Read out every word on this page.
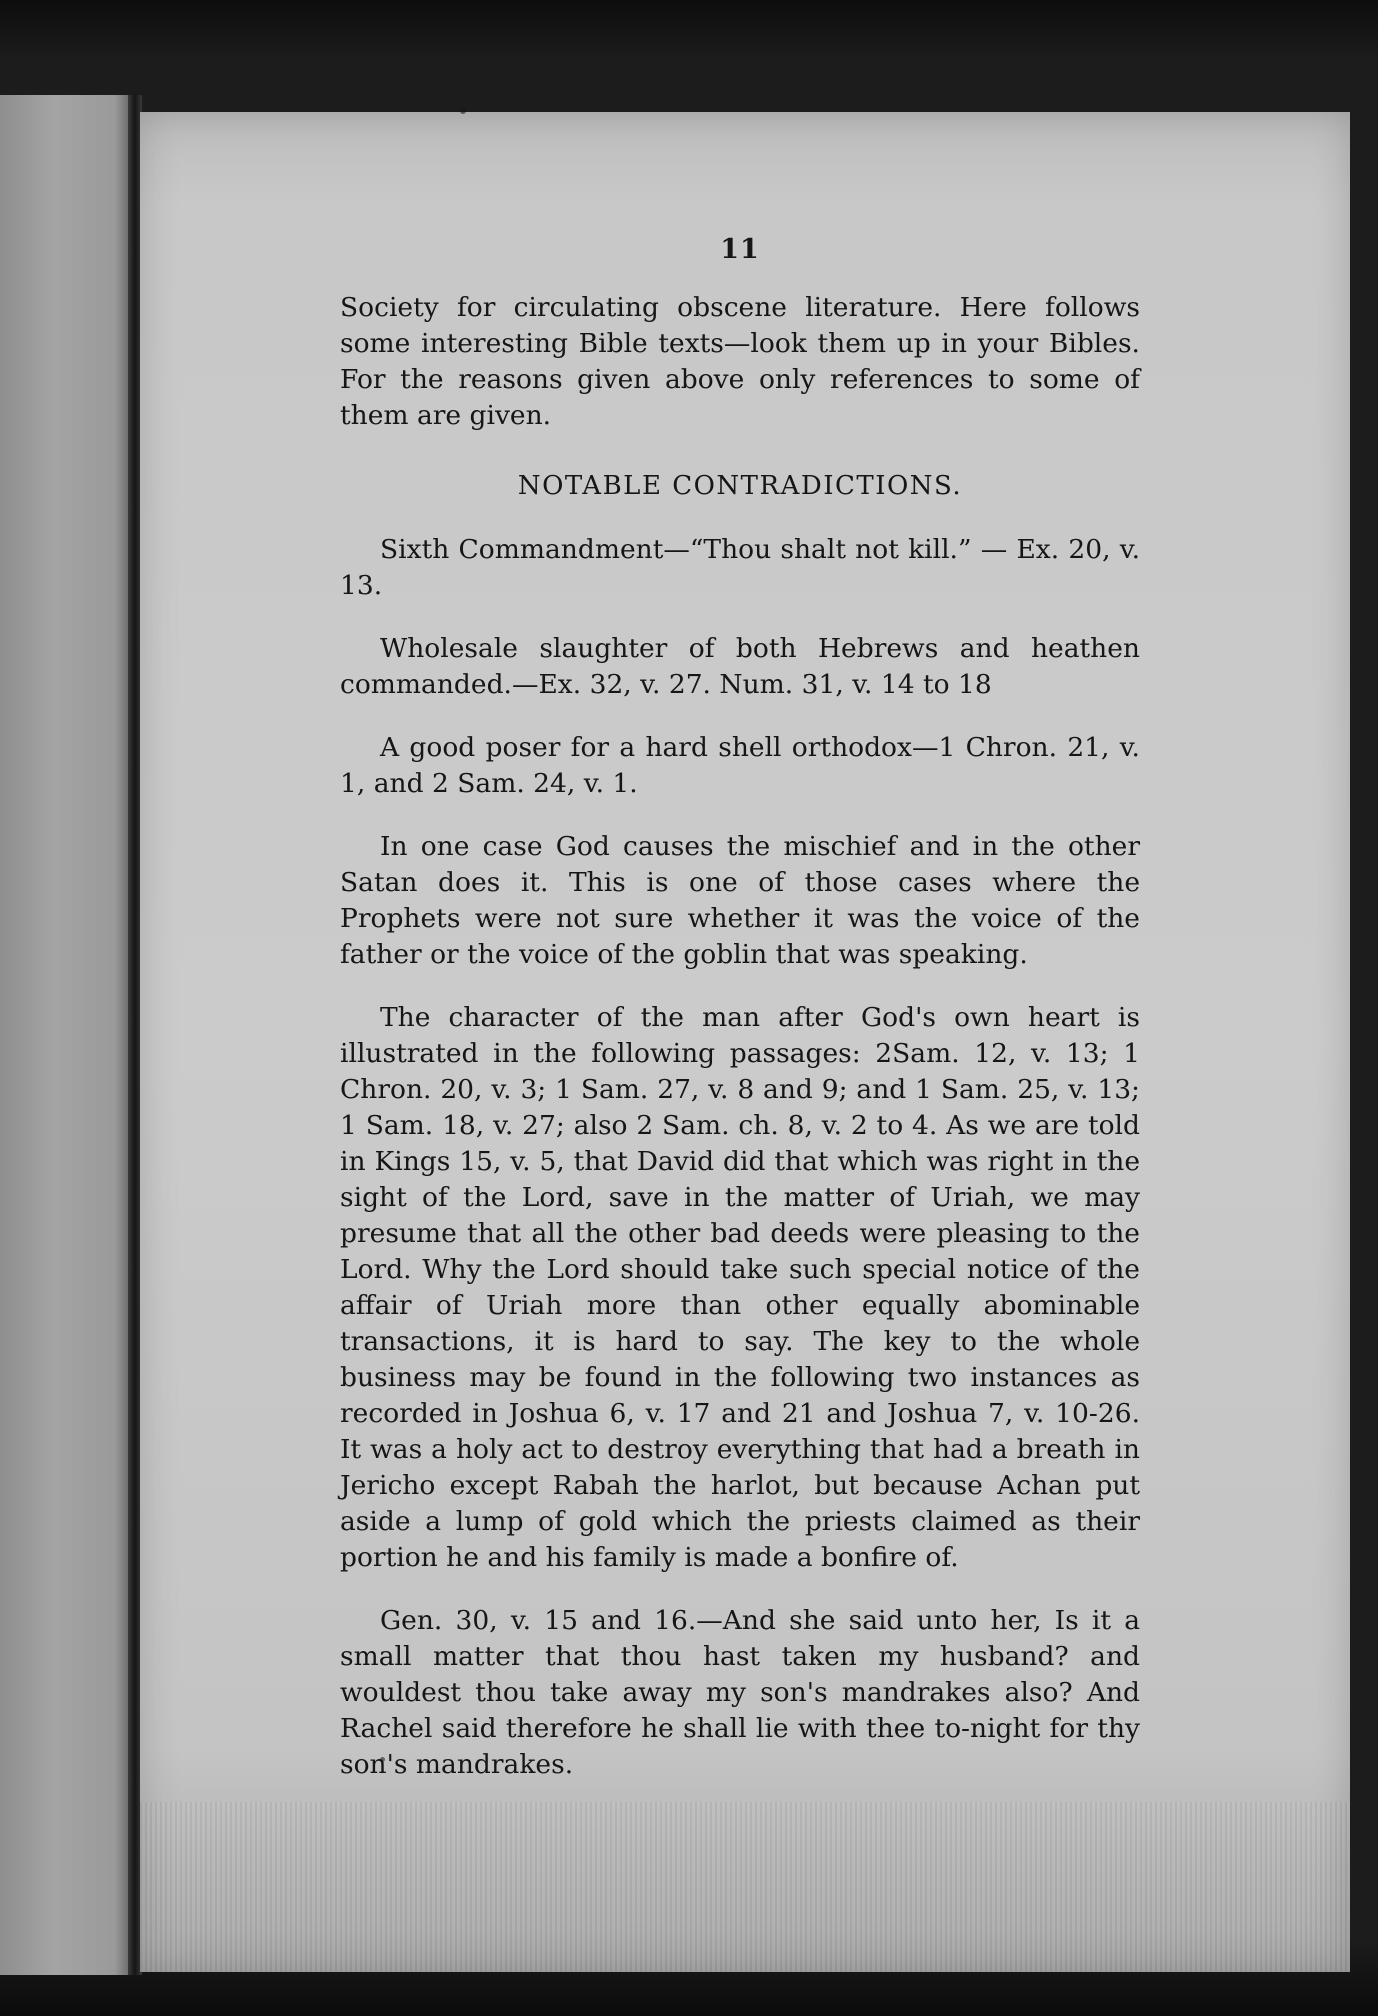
11

Society for circulating obscene literature. Here follows some interesting Bible texts—look them up in your Bibles. For the reasons given above only references to some of them are given.

NOTABLE CONTRADICTIONS.

Sixth Commandment—“Thou shalt not kill.” — Ex. 20, v. 13.

Wholesale slaughter of both Hebrews and heathen commanded.—Ex. 32, v. 27. Num. 31, v. 14 to 18

A good poser for a hard shell orthodox—1 Chron. 21, v. 1, and 2 Sam. 24, v. 1.

In one case God causes the mischief and in the other Satan does it. This is one of those cases where the Prophets were not sure whether it was the voice of the father or the voice of the goblin that was speaking.

The character of the man after God's own heart is illustrated in the following passages: 2Sam. 12, v. 13; 1 Chron. 20, v. 3; 1 Sam. 27, v. 8 and 9; and 1 Sam. 25, v. 13; 1 Sam. 18, v. 27; also 2 Sam. ch. 8, v. 2 to 4. As we are told in Kings 15, v. 5, that David did that which was right in the sight of the Lord, save in the matter of Uriah, we may presume that all the other bad deeds were pleasing to the Lord. Why the Lord should take such special notice of the affair of Uriah more than other equally abominable transactions, it is hard to say. The key to the whole business may be found in the following two instances as recorded in Joshua 6, v. 17 and 21 and Joshua 7, v. 10-26. It was a holy act to destroy everything that had a breath in Jericho except Rabah the harlot, but because Achan put aside a lump of gold which the priests claimed as their portion he and his family is made a bonfire of.

Gen. 30, v. 15 and 16.—And she said unto her, Is it a small matter that thou hast taken my husband? and wouldest thou take away my son's mandrakes also? And Rachel said therefore he shall lie with thee to-night for thy son's mandrakes.
